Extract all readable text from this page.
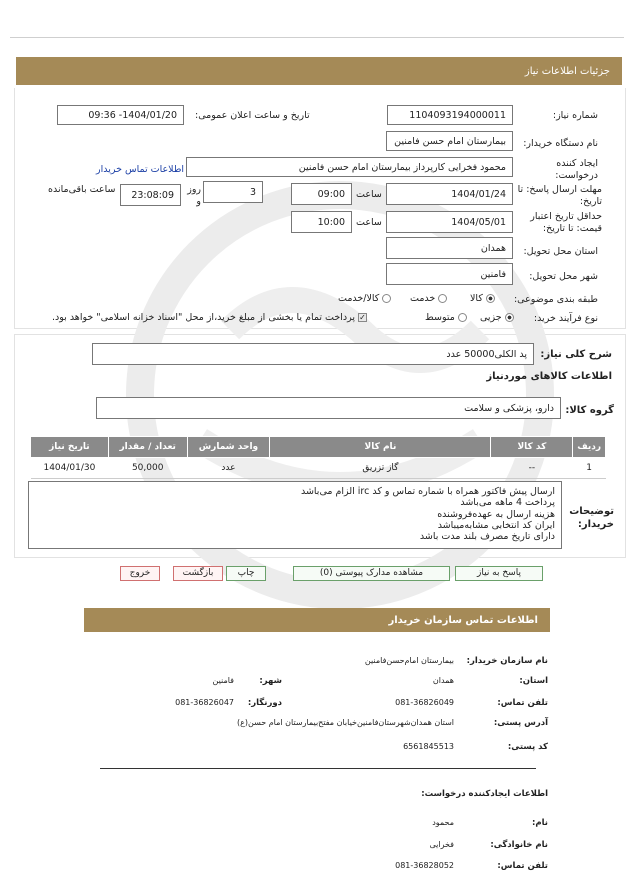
جزئیات اطلاعات نیاز
شماره نیاز:
1104093194000011
تاریخ و ساعت اعلان عمومی:
1404/01/20- 09:36
نام دستگاه خریدار:
بیمارستان امام حسن فامنین
ایجاد کننده درخواست:
محمود فخرایی کارپرداز بیمارستان امام حسن فامنین
اطلاعات تماس خریدار
مهلت ارسال پاسخ: تا تاریخ:
1404/01/24
ساعت
09:00
3
روز و
23:08:09
ساعت باقی‌مانده
حداقل تاریخ اعتبار قیمت: تا تاریخ:
1404/05/01
ساعت
10:00
استان محل تحویل:
همدان
شهر محل تحویل:
فامنین
طبقه بندی موضوعی:
کالا
خدمت
کالا/خدمت
نوع فرآیند خرید:
جزیی
متوسط
✓ پرداخت تمام یا بخشی از مبلغ خرید،از محل "اسناد خزانه اسلامی" خواهد بود.
شرح کلی نیاز:
پد الکلی50000 عدد
اطلاعات کالاهای موردنیاز
گروه کالا:
دارو، پزشکی و سلامت
ردیف	کد کالا	نام کالا	واحد شمارش	تعداد / مقدار	تاریخ نیاز
1	--	گاز تزریق	عدد	50,000	1404/01/30
توضیحات خریدار:
ارسال پیش فاکتور همراه با شماره تماس و کد irc الزام می‌باشد
پرداخت 4 ماهه می‌باشد
هزینه ارسال به عهده‌فروشنده
ایران کد انتخابی مشابه‌میباشد
دارای تاریخ مصرف بلند مدت باشد
پاسخ به نیاز
مشاهده مدارک پیوستی (0)
چاپ
بازگشت
خروج
اطلاعات تماس سازمان خریدار
نام سازمان خریدار:
بیمارستان امام‌حسن‌فامنین
استان:
همدان
شهر:
فامنین
تلفن تماس:
081-36826049
دورنگار:
081-36826047
آدرس پستی:
استان همدان‌شهرستان‌فامنین‌خیابان مفتح‌بیمارستان امام حسن(ع)
کد پستی:
6561845513
اطلاعات ایجادکننده درخواست:
نام:
محمود
نام خانوادگی:
فخرایی
تلفن تماس:
081-36828052
